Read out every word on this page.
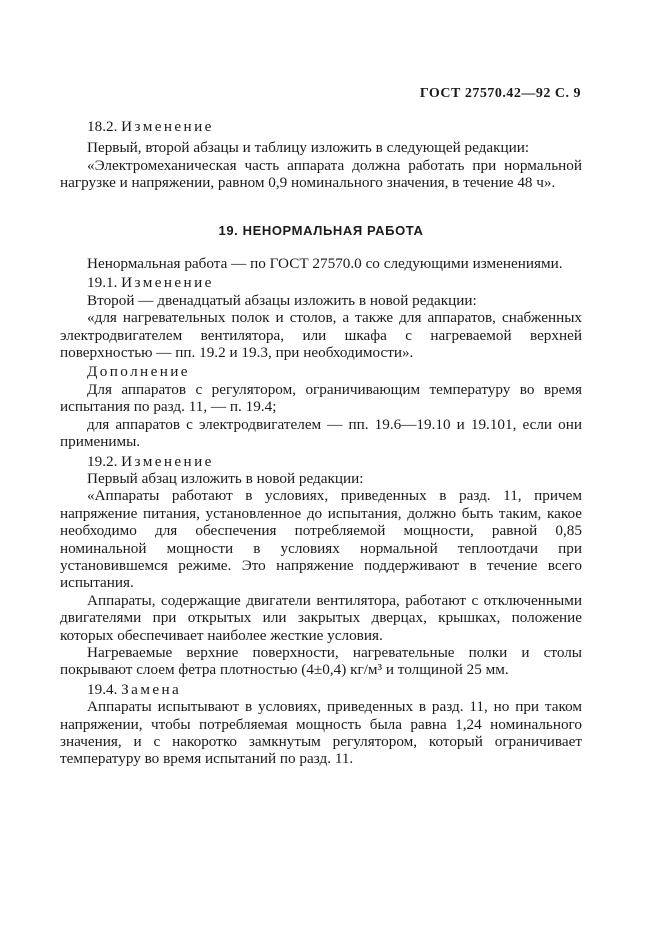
ГОСТ 27570.42—92 С. 9

18.2. Изменение

Первый, второй абзацы и таблицу изложить в следующей редакции:

«Электромеханическая часть аппарата должна работать при нормальной нагрузке и напряжении, равном 0,9 номинального значения, в течение 48 ч».

19. НЕНОРМАЛЬНАЯ РАБОТА

Ненормальная работа — по ГОСТ 27570.0 со следующими изменениями.

19.1. Изменение

Второй — двенадцатый абзацы изложить в новой редакции:

«для нагревательных полок и столов, а также для аппаратов, снабженных электродвигателем вентилятора, или шкафа с нагреваемой верхней поверхностью — пп. 19.2 и 19.3, при необходимости».

Дополнение

Для аппаратов с регулятором, ограничивающим температуру во время испытания по разд. 11, — п. 19.4;

для аппаратов с электродвигателем — пп. 19.6—19.10 и 19.101, если они применимы.

19.2. Изменение

Первый абзац изложить в новой редакции:

«Аппараты работают в условиях, приведенных в разд. 11, причем напряжение питания, установленное до испытания, должно быть таким, какое необходимо для обеспечения потребляемой мощности, равной 0,85 номинальной мощности в условиях нормальной теплоотдачи при установившемся режиме. Это напряжение поддерживают в течение всего испытания.

Аппараты, содержащие двигатели вентилятора, работают с отключенными двигателями при открытых или закрытых дверцах, крышках, положение которых обеспечивает наиболее жесткие условия.

Нагреваемые верхние поверхности, нагревательные полки и столы покрывают слоем фетра плотностью (4±0,4) кг/м³ и толщиной 25 мм.

19.4. Замена

Аппараты испытывают в условиях, приведенных в разд. 11, но при таком напряжении, чтобы потребляемая мощность была равна 1,24 номинального значения, и с накоротко замкнутым регулятором, который ограничивает температуру во время испытаний по разд. 11.
